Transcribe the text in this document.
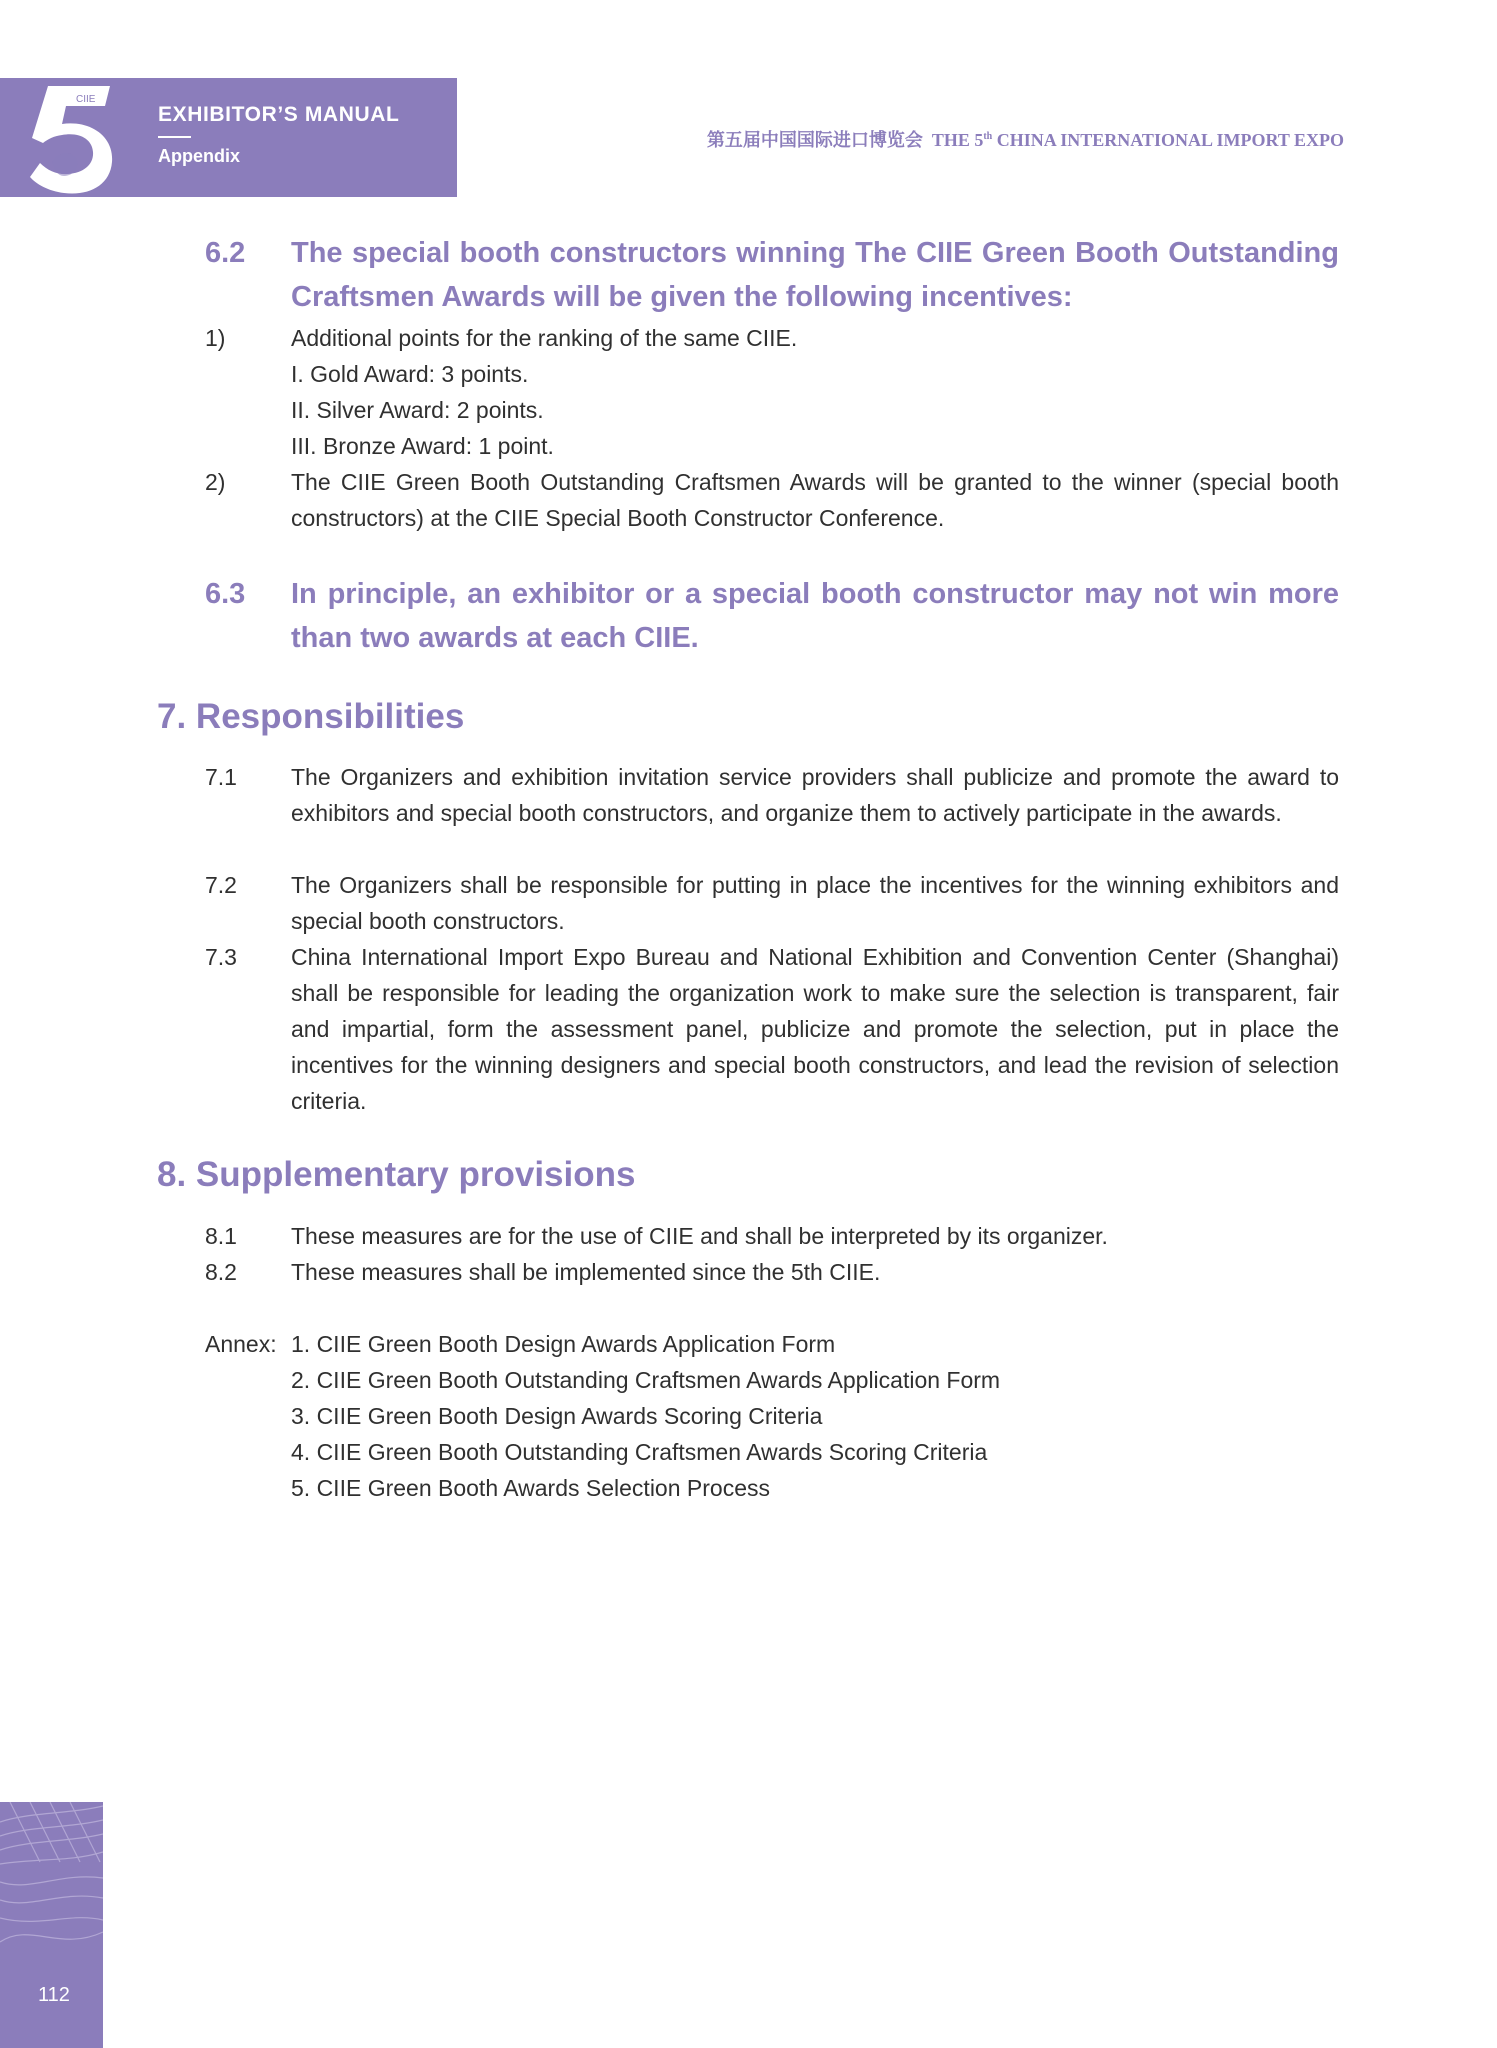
CIIE
EXHIBITOR’S MANUAL
Appendix
第五届中国国际进口博览会 THE 5th CHINA INTERNATIONAL IMPORT EXPO
6.2 The special booth constructors winning The CIIE Green Booth Outstanding Craftsmen Awards will be given the following incentives:
1)	Additional points for the ranking of the same CIIE.
I. Gold Award: 3 points.
II. Silver Award: 2 points.
III. Bronze Award: 1 point.
2)	The CIIE Green Booth Outstanding Craftsmen Awards will be granted to the winner (special booth constructors) at the CIIE Special Booth Constructor Conference.
6.3 In principle, an exhibitor or a special booth constructor may not win more than two awards at each CIIE.
7. Responsibilities
7.1 The Organizers and exhibition invitation service providers shall publicize and promote the award to exhibitors and special booth constructors, and organize them to actively participate in the awards.
7.2 The Organizers shall be responsible for putting in place the incentives for the winning exhibitors and special booth constructors.
7.3 China International Import Expo Bureau and National Exhibition and Convention Center (Shanghai) shall be responsible for leading the organization work to make sure the selection is transparent, fair and impartial, form the assessment panel, publicize and promote the selection, put in place the incentives for the winning designers and special booth constructors, and lead the revision of selection criteria.
8. Supplementary provisions
8.1 These measures are for the use of CIIE and shall be interpreted by its organizer.
8.2 These measures shall be implemented since the 5th CIIE.
Annex: 1. CIIE Green Booth Design Awards Application Form
2. CIIE Green Booth Outstanding Craftsmen Awards Application Form
3. CIIE Green Booth Design Awards Scoring Criteria
4. CIIE Green Booth Outstanding Craftsmen Awards Scoring Criteria
5. CIIE Green Booth Awards Selection Process
112
